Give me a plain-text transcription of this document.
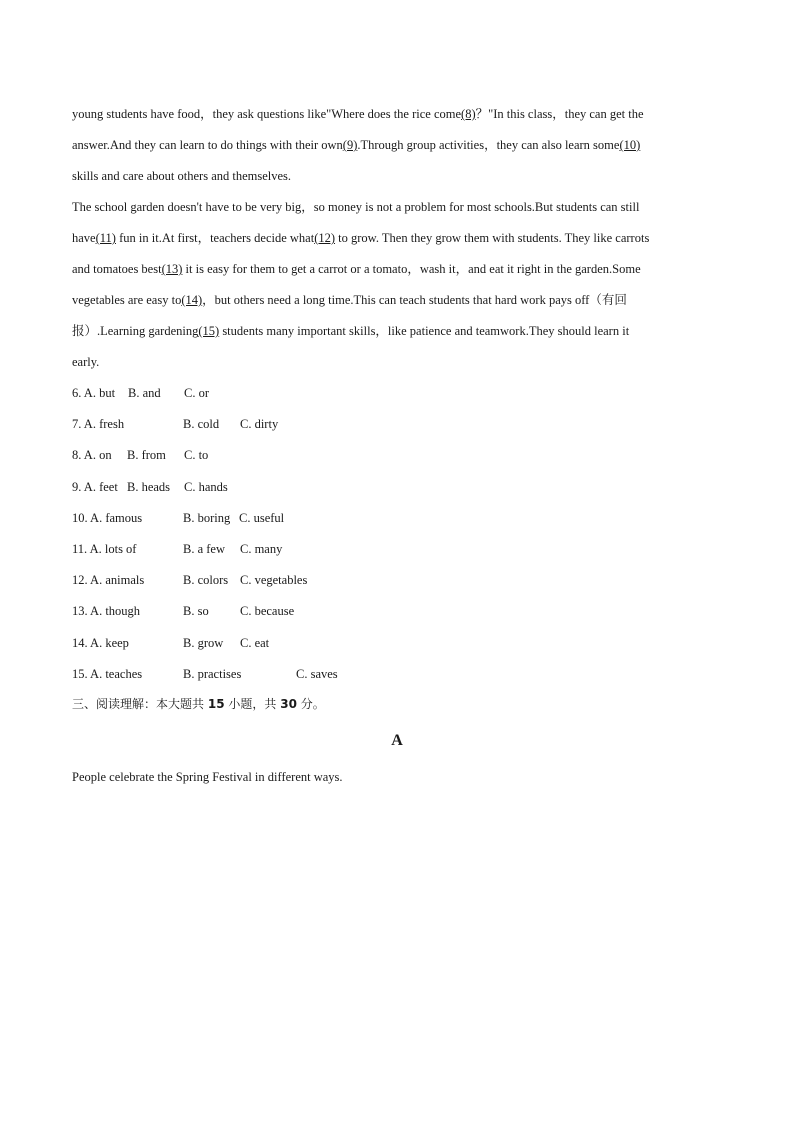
young students have food，they ask questions like"Where does the rice come(8)？"In this class，they can get the

answer.And they can learn to do things with their own(9).Through group activities，they can also learn some(10)

skills and care about others and themselves.

The school garden doesn't have to be very big，so money is not a problem for most schools.But students can still

have(11) fun in it.At first，teachers decide what(12) to grow. Then they grow them with students. They like carrots

and tomatoes best(13) it is easy for them to get a carrot or a tomato，wash it，and eat it right in the garden.Some

vegetables are easy to(14)，but others need a long time.This can teach students that hard work pays off（有回

报）.Learning gardening(15) students many important skills，like patience and teamwork.They should learn it

early.

6. A. but B. and C. or
7. A. fresh	B. cold C. dirty
8. A. on B. from C. to
9. A. feet B. heads C. hands
10. A. famous	B. boring C. useful
11. A. lots of	B. a few C. many
12. A. animals	B. colors C. vegetables
13. A. though	B. so	C. because
14. A. keep	B. grow C. eat
15. A. teaches	B. practises	C. saves
三、阅读理解：本大题共 15 小题，共 30 分。
A
People celebrate the Spring Festival in different ways.
